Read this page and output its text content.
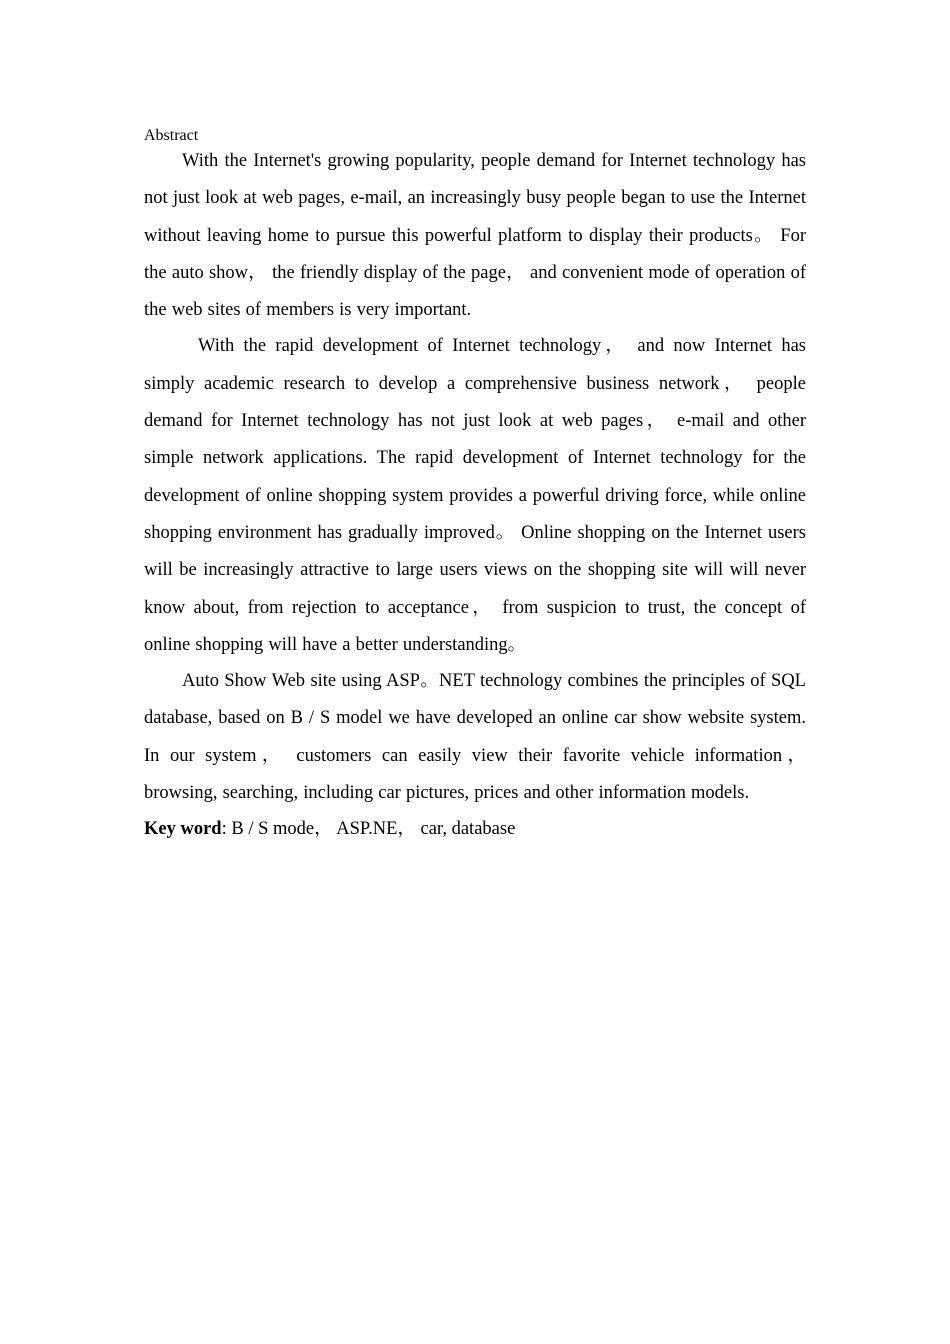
Abstract

With the Internet's growing popularity, people demand for Internet technology has not just look at web pages, e-mail, an increasingly busy people began to use the Internet without leaving home to pursue this powerful platform to display their products。 For the auto show， the friendly display of the page， and convenient mode of operation of the web sites of members is very important.

With the rapid development of Internet technology， and now Internet has simply academic research to develop a comprehensive business network， people demand for Internet technology has not just look at web pages， e-mail and other simple network applications. The rapid development of Internet technology for the development of online shopping system provides a powerful driving force, while online shopping environment has gradually improved。 Online shopping on the Internet users will be increasingly attractive to large users views on the shopping site will will never know about, from rejection to acceptance， from suspicion to trust, the concept of online shopping will have a better understanding。

Auto Show Web site using ASP。NET technology combines the principles of SQL database, based on B / S model we have developed an online car show website system. In our system， customers can easily view their favorite vehicle information， browsing, searching, including car pictures, prices and other information models.

Key word: B / S mode， ASP.NE， car, database
